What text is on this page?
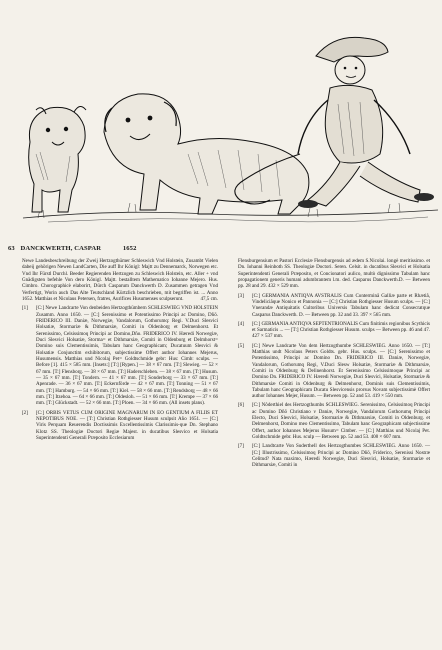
63 DANCKWERTH, CASPAR	1652
Newe Landesbeschreibung der Zweij Hertzogthümer Schleswich Vnd Holstein, Zusambt Vielen dabeij gehörigen Newen LandCarten, Die auff Ihr Königl: Majtt zu Dennemarck, Norwegen etc. Vnd Ihr Fürstl Durchl. Beeder Regierenden Hertzogen zu Schleswich Holstein, etc. Aller + vnd Gnädigsten befehle Von dero Königl. Majtt. bestalltem Mathematico Iohanne Mejero. Hus. Cimbro. Chorographicè elaborirt, Dürch Casparum Danckwerth D. Zusammen getragen Vnd Verfertigt, Worin auch Das Alte Teutschland Kürtzlich beschrieben, mit begriffen ist. ... Anno 1652. Matthias et Nicolaus Petersen, fratres, Aurifices Husumenses sculpserunt.	47,5 cm.
[1] [C:] Newe Landcarte Von denbeiden Hertzogthümbern SCHLESWIEG VND HOLSTEIN Zusamm. Anno 1650. — [C:] Serenissimo et Potentissimo Principi ac Domino, Dñō. FRIDERICO III. Daniæ, Norwegiæ, Vandalorum, Gothorumq: Regi. V.Duci Slesvici Holsatiæ, Stormariæ & Dithmarsiæ, Comiti in Oldenborg et Delmenhorst. Et Serenissimo, Celsissimoq Principi ac Domino,Dño. FRIDERICO IV. Hæredi Norwegiæ, Duci Slesvici Holsatiæ, Storma= et Dithmarsiæ, Comiti in Oldenborg et Delmhorst= Domino suis Clementissimis, Tabulam hanc Geographicam; Ducatuum Slesvici & Holsatiæ Conjunctim exhibitorum, subjectissime Offert author Iohannes Mejerus, Husumensis. Matthias und Nicolaj Pet= Goldtschmide gebr: Hus: Cimb: sculps. — Before [1]. 415 × 585 mm. [Insets:] [T:] [Rypen.] — 38 × 67 mm. [T:] Slewieg. — 52 × 67 mm. [T:] Flensborg. — 38 × 67 mm. [T:] Haderschleben. — 38 × 67 mm. [T:] Husum. — 35 × 67 mm. [T:] Tondern. — 41 × 67 mm. [T:] Sonderborg — 33 × 67 mm. [T:] Apenrade. — 36 × 67 mm. [T:] Eckernförde — 42 × 67 mm. [T:] Tonning — 51 × 67 mm. [T:] Hamburg. — 54 × 66 mm. [T:] Kiel. — 58 × 66 mm. [T:] Rendsborg — 48 × 66 mm. [T:] Itzehoa. — 64 × 66 mm. [T:] Oldesloh. — 51 × 66 mm. [T:] Krempe — 37 × 66 mm. [T:] Glückstadt. — 52 × 66 mm. [T:] Ploen. — 34 × 66 mm. (All insets plans).
[2] [C:] ORBIS VETUS CUM ORIGINE MAGNARUM IN EO GENTIUM A FILIIS ET NEPOTIBUS NOE. — [T:] Christian Rothgiesser Husum sculpsit Año 1651. — [C:] Viris Perquam Reuerendis Doctissimis Excellentissimis Clarissimis-que Dn. Stephano Klotz SS. Theologiæ Doctori Regiæ Majest. in ducatibus Slesvico et Holsatia Superintendenti Generali Præposito Ecclesiarum
Flensburgensium et Pastori Ecclesiæ Flensburgensis ad ædem S.Nicolai. longè meritissimo. et Dn. Iohanni Reinboth SS. Theologiæ Doctori. Seren. Celsit. in ducatibus Slesvici et Holsatia Superintendenti Generali Præposito, et Concionatori aulico, multò dignissimo Tabulam hanc propagationem generis humani adumbrantem l.m. ded. Casparus Danckwerth.D. — Between pp. 28 and 29. 432 × 529 mm.
[3] [C:] GERMANIA ANTIQVA AVSTRALIS Cum Conterminâ Galliæ parte et Rhætiâ, Vindeliciâque Nonico et Pannonia — [C:] Christian Rothgiesser Husum sculps. — [C:] Vnerandæ Antiquitatis Cultoribus Universis Tabulam hanc dedicat Consecratque Casparus Danckwerth. D. — Between pp. 32 and 33. 397 × 565 mm.
[4] [C:] GERMANIA ANTIQVA SEPTENTRIONALIS Cum finitimis regionibus Scythicis et Sarmaticis ... — [T:] Christian Rothgiesser Husum. sculps — Between pp. 46 and 47. 427 × 537 mm.
[5] [C:] Newe Landcarte Von dem Hertzogthumbe SCHLESWIEG. Anno 1650. — [T:] Matthias undt Nicolaus Peters Goldts. gebr. Hus. sculps. — [C:] Serenissimo et Potentissimo, Principi ac Domino Dn. FRIDERICO III. Daniæ, Norwegiæ, Vandalorum, Gothorumq Regi, V.Duci Slesw Holsatiæ, Stormariæ & Dithmarsiæ, Comiti in Oldenburg & Delinenhorst. Et Serenissimo Celsissimoque Principi ac Domino Dn. FRIDERICO IV. Hæredi Norwegiæ, Duci Slesvici, Holsatiæ, Stormariæ & Dithmarsiæ Comiti in Oldenburg & Delmenhorst, Dominis suis Clementissimis, Tabulam hanc Geographicam Ducatu Slesvicensis prorsus Novam subjectissimè Offert author Iohannes Mejer, Husum. — Between pp. 52 and 53. 419 × 550 mm.
[6] [C:] Nôderthiel des Hertzogthumbs SCHLESWIEG. Serenissimo, Celsissimoq Principi ac Domino Dñō Christiano v Daniæ, Norwegiæ, Vandalorum Gothorumq Principi Electo, Duci Slesvici, Holsatiæ, Stormariæ & Dithmarsiæ, Comiti in Oldenburg. et Delmenhorst, Domino meo Clementissimo, Tabulam hanc Geographicam subjectissime Offert, author Iohannes Mejerus Husum= Cimber. — [C:] Matthias und Nicolaj Pet. Goldtschmide gebr. Hus. sculp — Between pp. 52 and 53. 408 × 607 mm.
[7] [C:] Landtcarte Von Suderthell des Hertzogthumbes SCHLESWIEG. Anno 1650. — [C:] Illustrissimo, Celsissimoq Principi ac Domino Dñō, Friderico, Serenissi Nostræ Celitud? Nata maximo, Hæredi Norwegiæ, Duci Slesvici, Holsatiæ, Stormariæ et Dithmarsiæ, Comiti in
